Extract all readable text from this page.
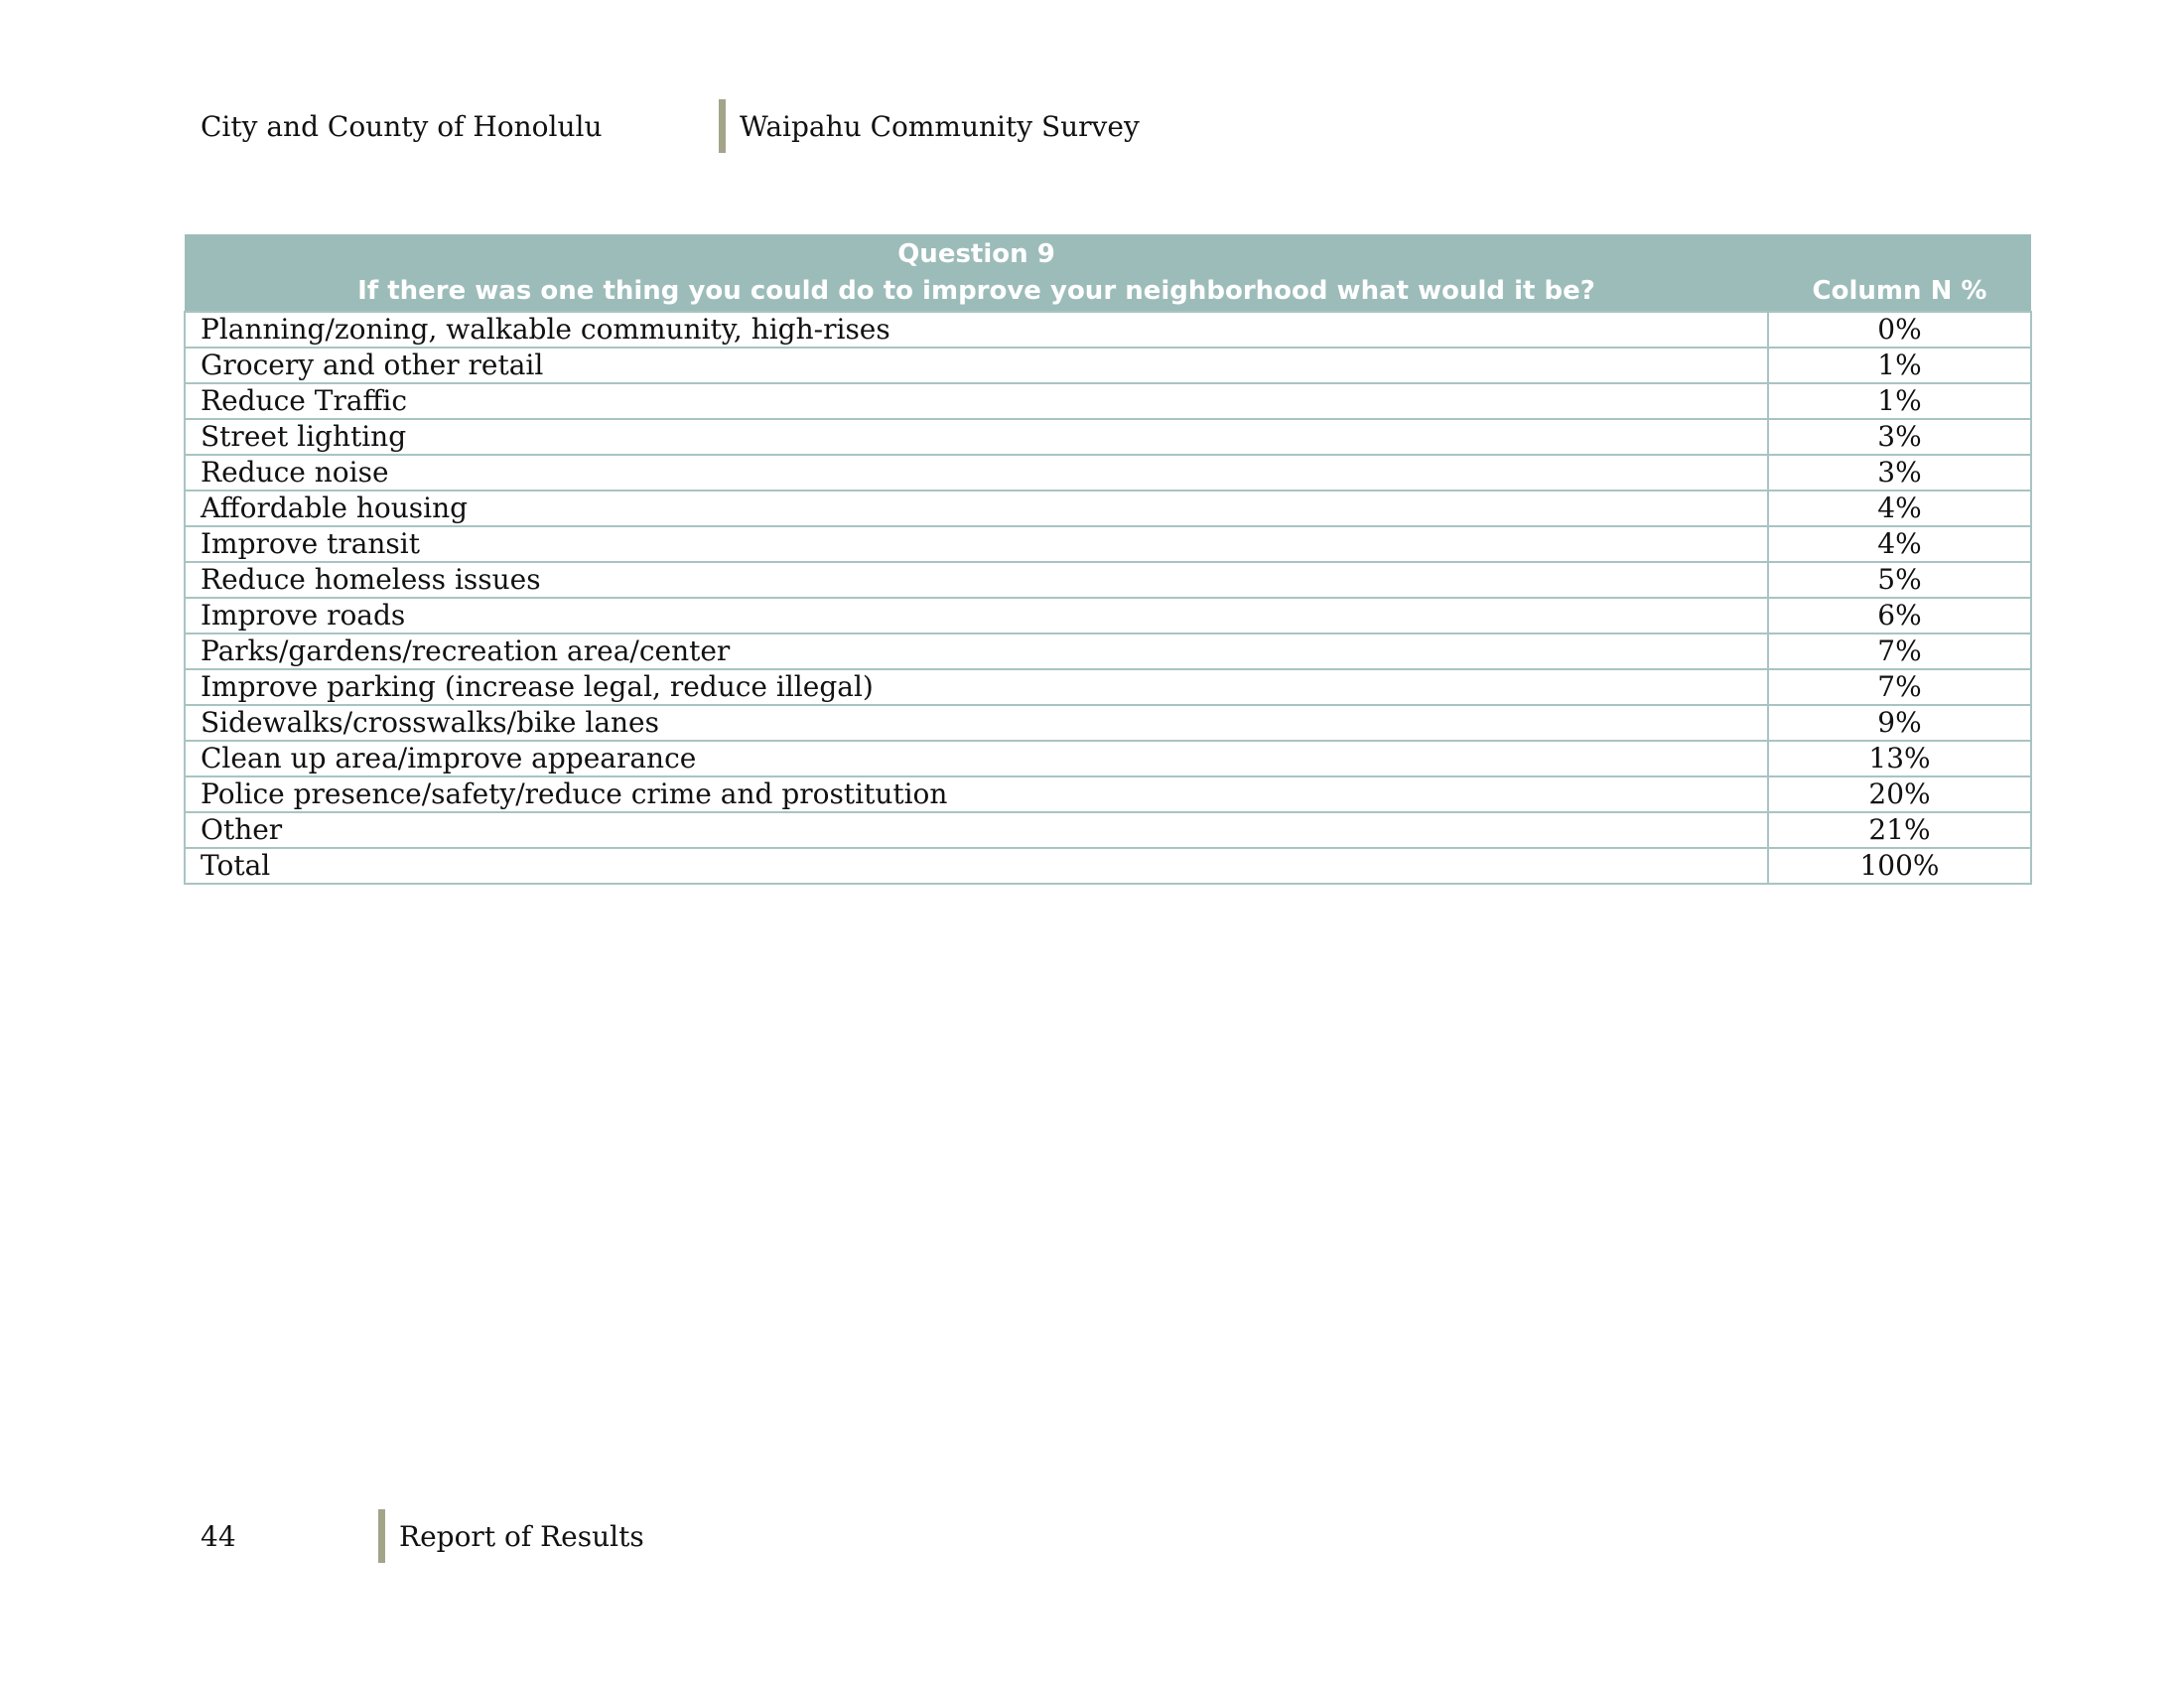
City and County of Honolulu	Waipahu Community Survey
Question 9
If there was one thing you could do to improve your neighborhood what would it be?	Column N %
Planning/zoning, walkable community, high-rises	0%
Grocery and other retail	1%
Reduce Traffic	1%
Street lighting	3%
Reduce noise	3%
Affordable housing	4%
Improve transit	4%
Reduce homeless issues	5%
Improve roads	6%
Parks/gardens/recreation area/center	7%
Improve parking (increase legal, reduce illegal)	7%
Sidewalks/crosswalks/bike lanes	9%
Clean up area/improve appearance	13%
Police presence/safety/reduce crime and prostitution	20%
Other	21%
Total	100%
44	Report of Results
